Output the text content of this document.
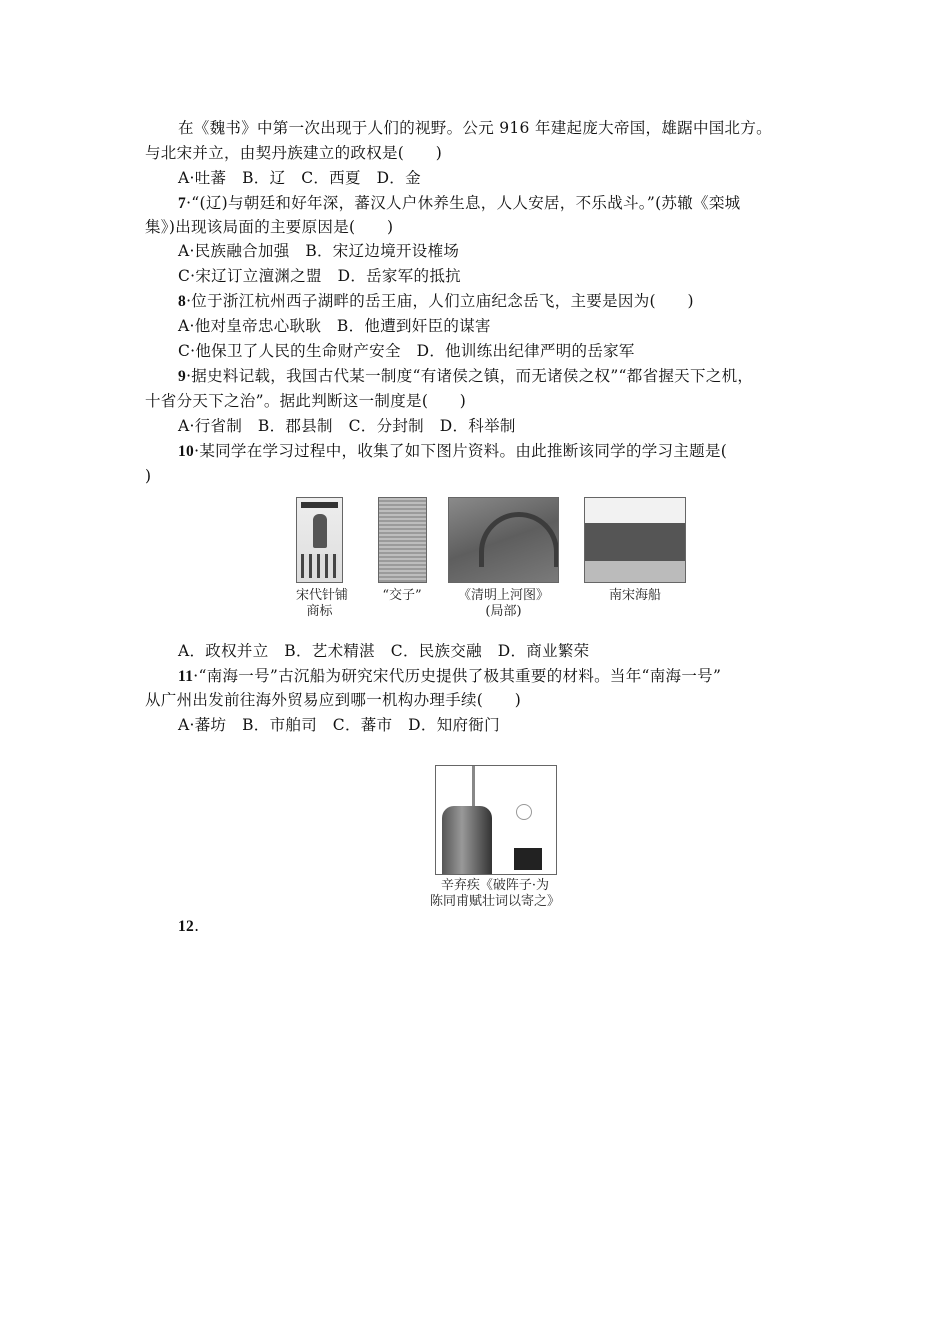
在《魏书》中第一次出现于人们的视野。公元 916 年建起庞大帝国，雄踞中国北方。
与北宋并立，由契丹族建立的政权是(　　)
A·吐蕃　B．辽　C．西夏　D．金
7·“(辽)与朝廷和好年深，蕃汉人户休养生息，人人安居，不乐战斗。”(苏辙《栾城
集》)出现该局面的主要原因是(　　)
A·民族融合加强　B．宋辽边境开设榷场
C·宋辽订立澶渊之盟　D．岳家军的抵抗
8·位于浙江杭州西子湖畔的岳王庙，人们立庙纪念岳飞，主要是因为(　　)
A·他对皇帝忠心耿耿　B．他遭到奸臣的谋害
C·他保卫了人民的生命财产安全　D．他训练出纪律严明的岳家军
9·据史料记载，我国古代某一制度“有诸侯之镇，而无诸侯之权”“都省握天下之机，
十省分天下之治”。据此判断这一制度是(　　)
A·行省制　B．郡县制　C．分封制　D．科举制
10·某同学在学习过程中，收集了如下图片资料。由此推断该同学的学习主题是(
)
宋代针铺
商标
“交子”	《清明上河图》
(局部)
南宋海船
A．政权并立　B．艺术精湛　C．民族交融　D．商业繁荣
11·“南海一号”古沉船为研究宋代历史提供了极其重要的材料。当年“南海一号”
从广州出发前往海外贸易应到哪一机构办理手续(　　)
A·蕃坊　B．市舶司　C．蕃市　D．知府衙门
辛弃疾《破阵子·为
陈同甫赋壮词以寄之》
12.
